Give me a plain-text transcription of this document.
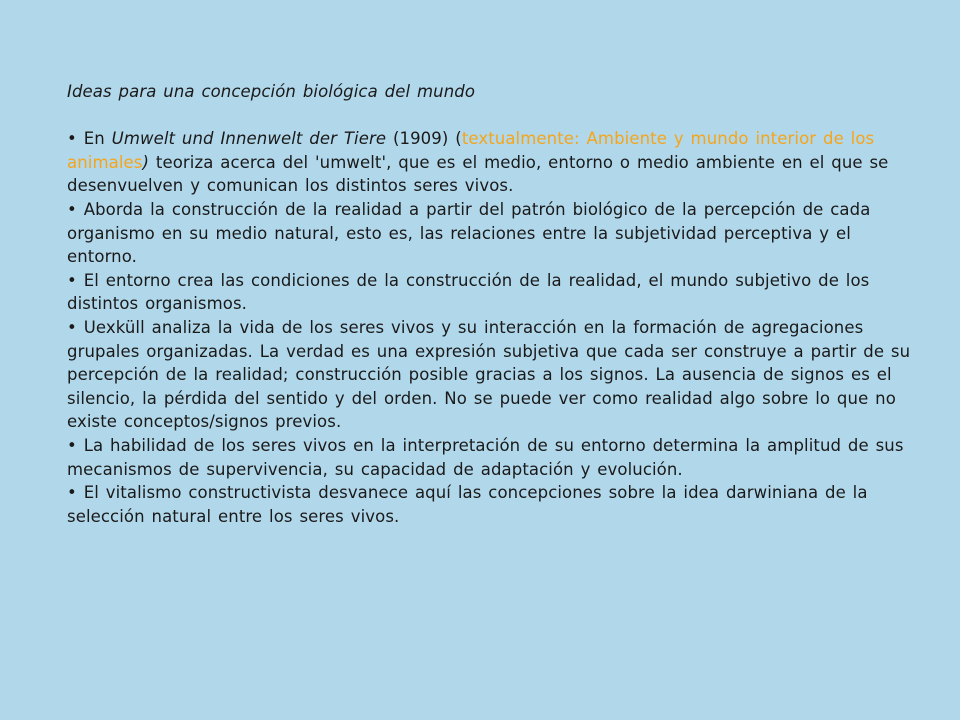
Ideas para una concepción biológica del mundo

• En Umwelt und Innenwelt der Tiere (1909) (textualmente: Ambiente y mundo interior de los animales) teoriza acerca del 'umwelt', que es el medio, entorno o medio ambiente en el que se desenvuelven y comunican los distintos seres vivos.

• Aborda la construcción de la realidad a partir del patrón biológico de la percepción de cada organismo en su medio natural, esto es, las relaciones entre la subjetividad perceptiva y el entorno.

• El entorno crea las condiciones de la construcción de la realidad, el mundo subjetivo de los distintos organismos.

• Uexküll analiza la vida de los seres vivos y su interacción en la formación de agregaciones grupales organizadas. La verdad es una expresión subjetiva que cada ser construye a partir de su percepción de la realidad; construcción posible gracias a los signos. La ausencia de signos es el silencio, la pérdida del sentido y del orden. No se puede ver como realidad algo sobre lo que no existe conceptos/signos previos.

• La habilidad de los seres vivos en la interpretación de su entorno determina la amplitud de sus mecanismos de supervivencia, su capacidad de adaptación y evolución.

• El vitalismo constructivista desvanece aquí las concepciones sobre la idea darwiniana de la selección natural entre los seres vivos.
